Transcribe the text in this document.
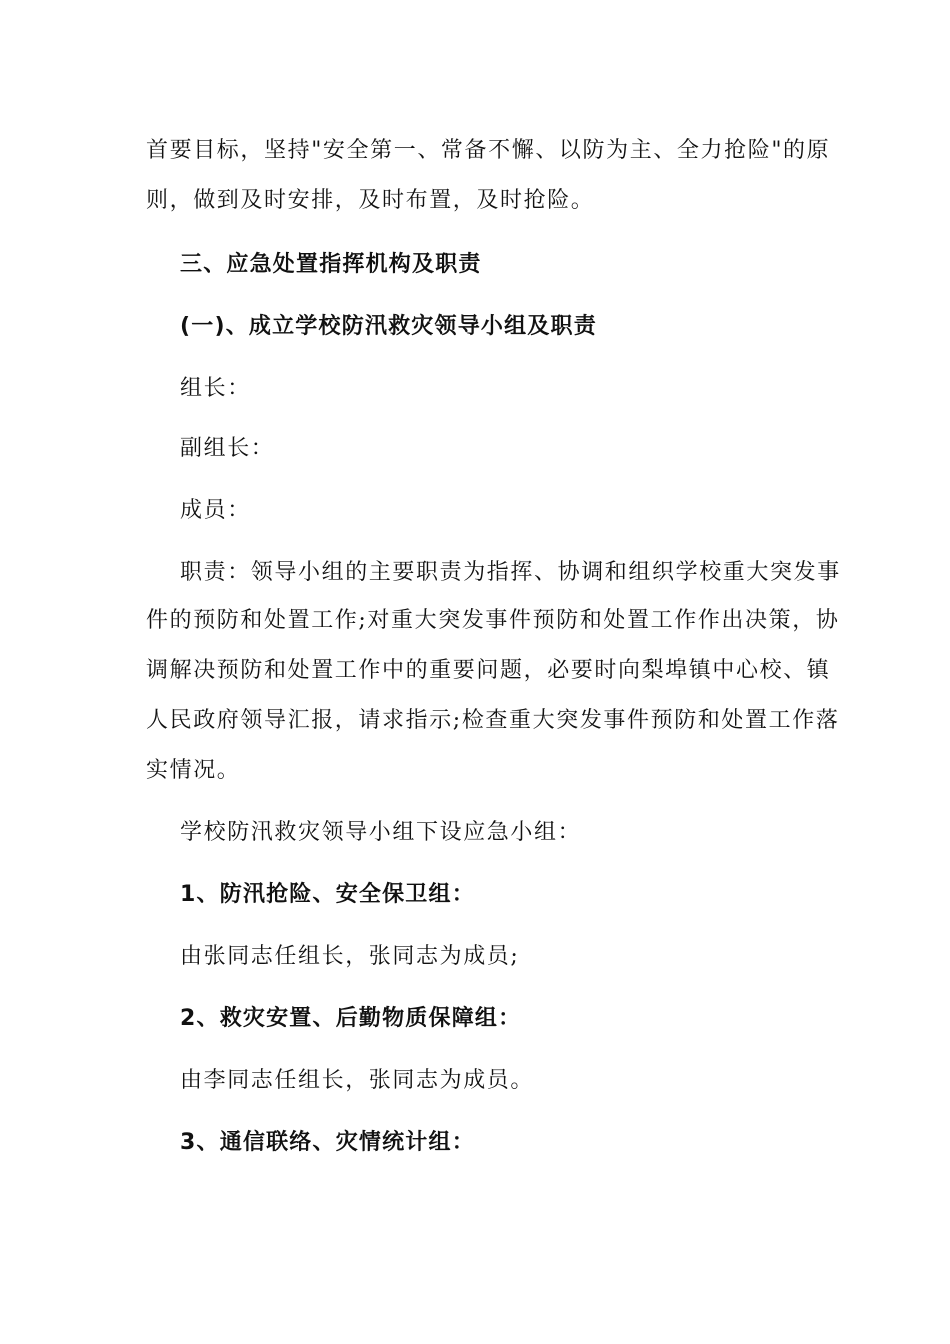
首要目标，坚持"安全第一、常备不懈、以防为主、全力抢险"的原
则，做到及时安排，及时布置，及时抢险。
三、应急处置指挥机构及职责
(一)、成立学校防汛救灾领导小组及职责
组长：
副组长：
成员：
职责：领导小组的主要职责为指挥、协调和组织学校重大突发事
件的预防和处置工作;对重大突发事件预防和处置工作作出决策，协
调解决预防和处置工作中的重要问题，必要时向梨埠镇中心校、镇
人民政府领导汇报，请求指示;检查重大突发事件预防和处置工作落
实情况。
学校防汛救灾领导小组下设应急小组：
1、防汛抢险、安全保卫组：
由张同志任组长，张同志为成员;
2、救灾安置、后勤物质保障组：
由李同志任组长，张同志为成员。
3、通信联络、灾情统计组：
